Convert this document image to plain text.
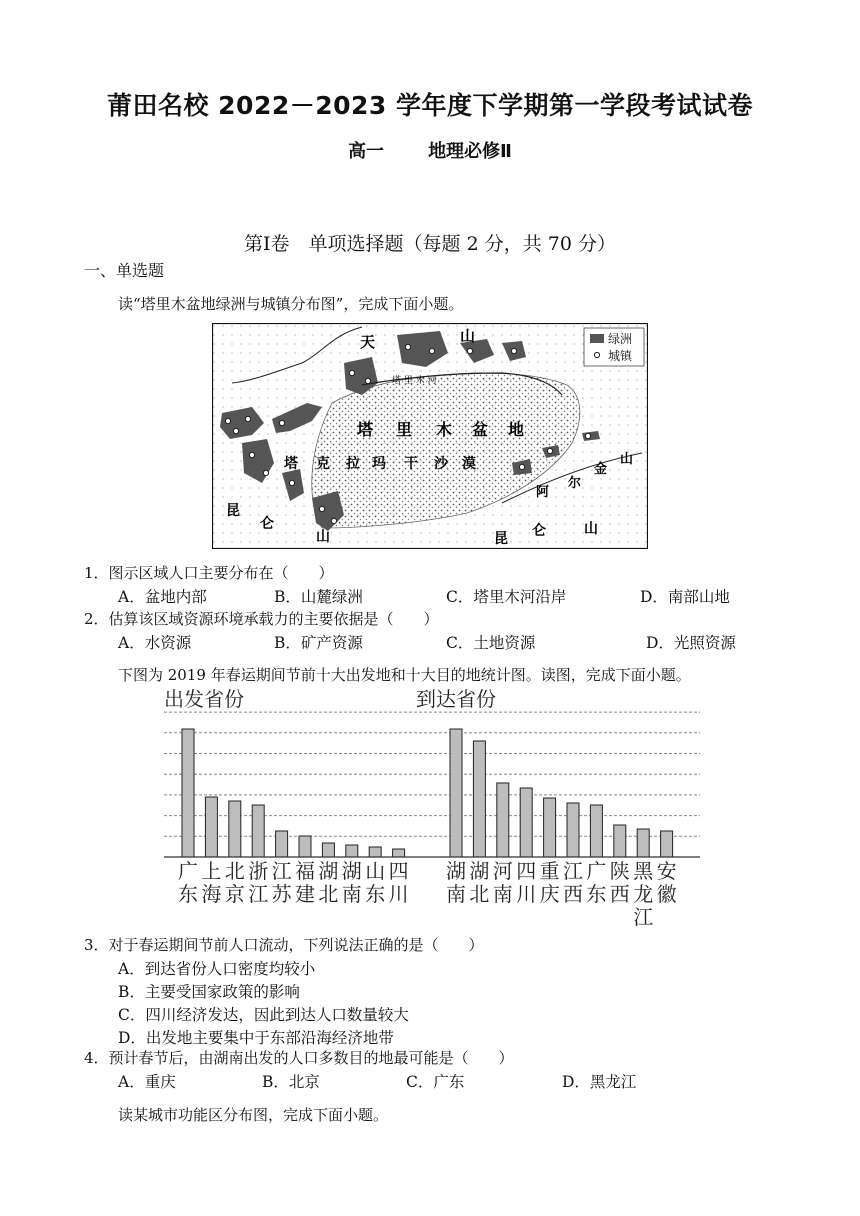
莆田名校 2022－2023 学年度下学期第一学段考试试卷
高一 地理必修Ⅱ
第Ⅰ卷　单项选择题（每题 2 分，共 70 分）
一、单选题
读“塔里木盆地绿洲与城镇分布图”，完成下面小题。
绿洲
城镇
天	山
塔 里 木 河
塔 里 木 盆 地
塔 克 拉 玛 干 沙 漠
昆
仑
山	昆 仑	山
阿
尔
金
山
1．图示区域人口主要分布在（　　）
A．盆地内部	B．山麓绿洲	C．塔里木河沿岸	D．南部山地
2．估算该区域资源环境承载力的主要依据是（　　）
A．水资源	B．矿产资源	C．土地资源	D．光照资源
下图为 2019 年春运期间节前十大出发地和十大目的地统计图。读图，完成下面小题。
出发省份	到达省份
广东
上海
北京
浙江
江苏
福建
湖北
湖南
山东
四川
湖南
湖北
河南
四川
重庆
江西
广东
陕西
黑龙江
安徽
3．对于春运期间节前人口流动，下列说法正确的是（　　）
A．到达省份人口密度均较小
B．主要受国家政策的影响
C．四川经济发达，因此到达人口数量较大
D．出发地主要集中于东部沿海经济地带
4．预计春节后，由湖南出发的人口多数目的地最可能是（　　）
A．重庆	B．北京	C．广东	D．黑龙江
读某城市功能区分布图，完成下面小题。
